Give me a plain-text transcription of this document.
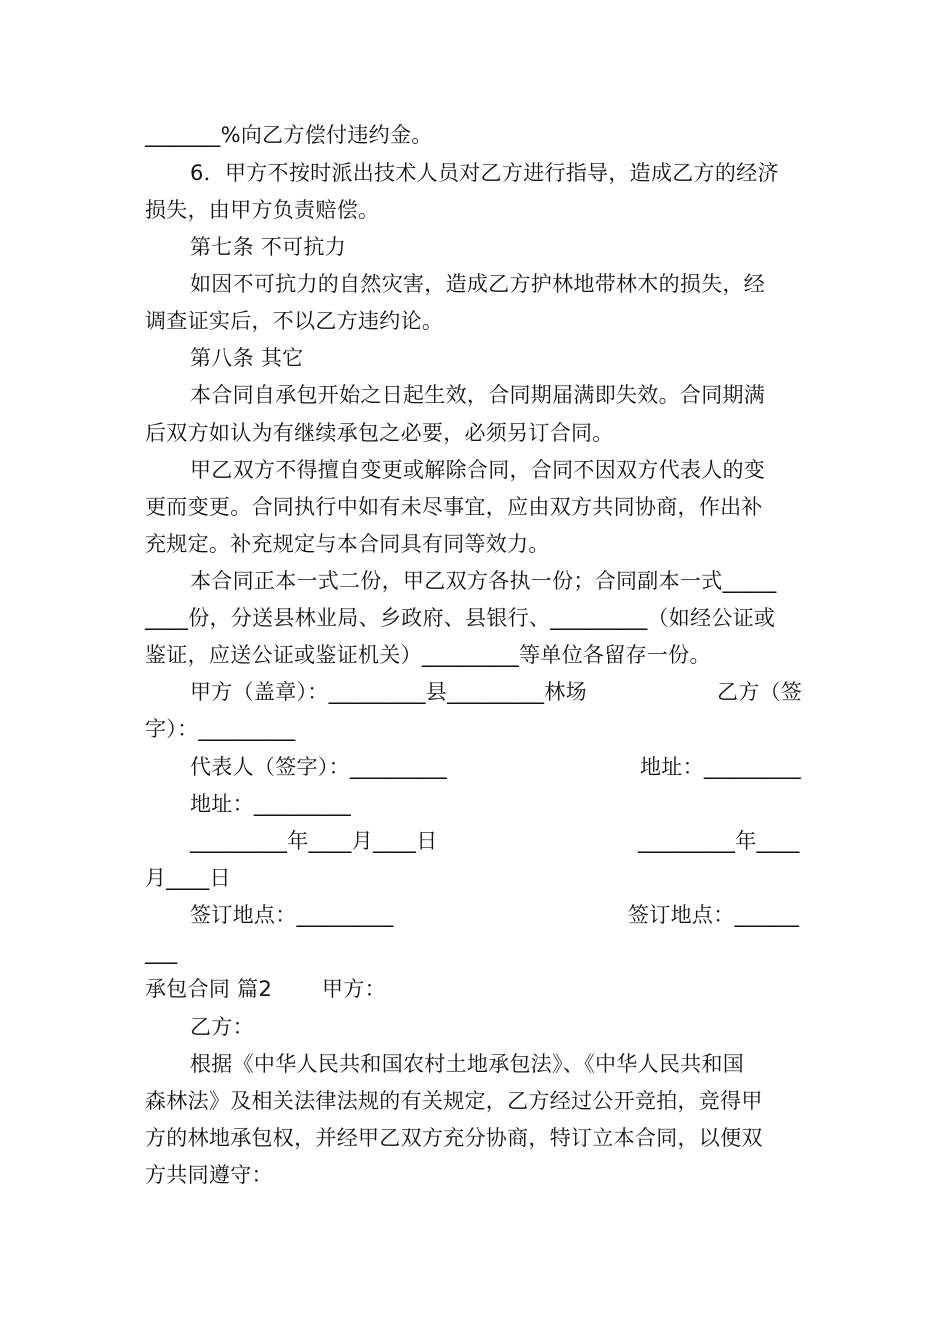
_______%向乙方偿付违约金。
6．甲方不按时派出技术人员对乙方进行指导，造成乙方的经济
损失，由甲方负责赔偿。
第七条 不可抗力
如因不可抗力的自然灾害，造成乙方护林地带林木的损失，经
调查证实后，不以乙方违约论。
第八条 其它
本合同自承包开始之日起生效，合同期届满即失效。合同期满
后双方如认为有继续承包之必要，必须另订合同。
甲乙双方不得擅自变更或解除合同，合同不因双方代表人的变
更而变更。合同执行中如有未尽事宜，应由双方共同协商，作出补
充规定。补充规定与本合同具有同等效力。
本合同正本一式二份，甲乙双方各执一份；合同副本一式_____
____份，分送县林业局、乡政府、县银行、_________（如经公证或
鉴证，应送公证或鉴证机关）_________等单位各留存一份。
甲方（盖章）：_________县_________林场	乙方（签
字）：_________
代表人（签字）：_________	地址：_________
地址：_________
_________年____月____日	_________年____
月____日
签订地点：_________	签订地点：______
___
承包合同 篇2 甲方：
乙方：
根据《中华人民共和国农村土地承包法》、《中华人民共和国
森林法》及相关法律法规的有关规定，乙方经过公开竞拍，竞得甲
方的林地承包权，并经甲乙双方充分协商，特订立本合同，以便双
方共同遵守：
